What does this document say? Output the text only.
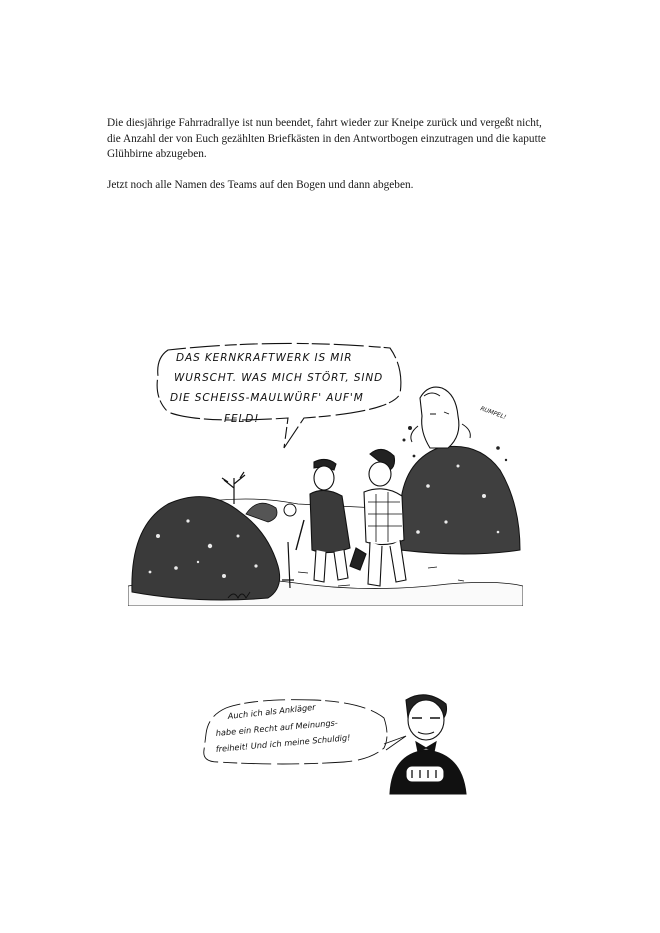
Die diesjährige Fahrradrallye ist nun beendet, fahrt wieder zur Kneipe zurück und vergeßt nicht, die Anzahl der von Euch gezählten Briefkästen in den Antwortbogen einzutragen und die kaputte Glühbirne abzugeben.

Jetzt noch alle Namen des Teams auf den Bogen und dann abgeben.

DAS KERNKRAFTWERK IS MIR
WURSCHT. WAS MICH STÖRT, SIND
DIE SCHEISS-MAULWÜRF' AUF'M
FELD!	RUMPEL!
Auch ich als Ankläger
habe ein Recht auf Meinungs-
freiheit! Und ich meine Schuldig!
